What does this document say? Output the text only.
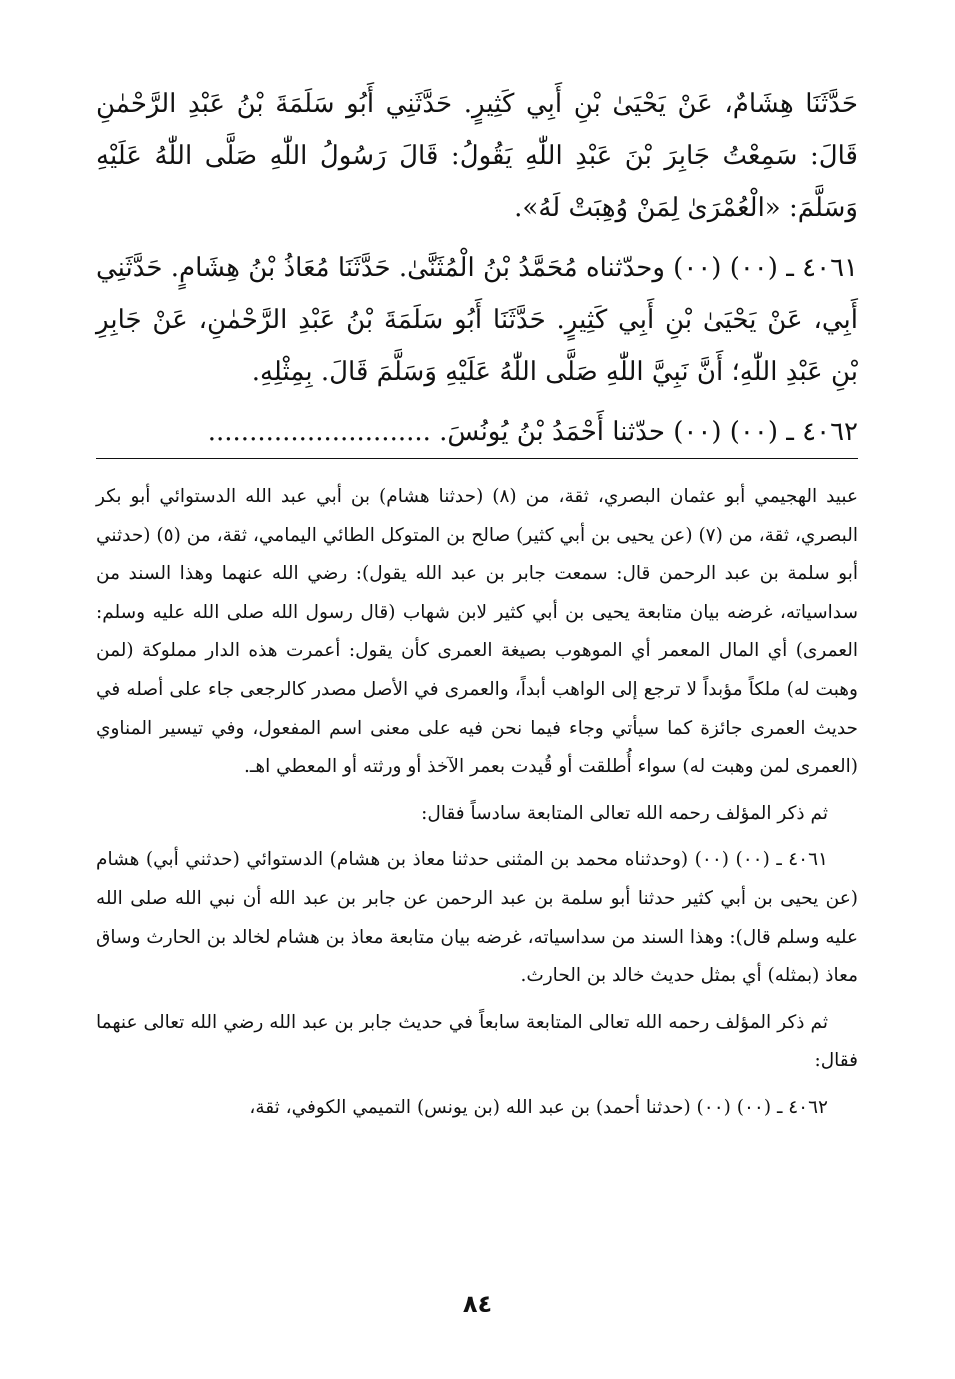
حَدَّثَنَا هِشَامٌ، عَنْ يَحْيَىٰ بْنِ أَبِي كَثِيرٍ. حَدَّثَنِي أَبُو سَلَمَةَ بْنُ عَبْدِ الرَّحْمٰنِ قَالَ: سَمِعْتُ جَابِرَ بْنَ عَبْدِ اللّٰهِ يَقُولُ: قَالَ رَسُولُ اللّٰهِ صَلَّى اللّٰهُ عَلَيْهِ وَسَلَّمَ: «الْعُمْرَىٰ لِمَنْ وُهِبَتْ لَهُ».

٤٠٦١ ـ (٠٠) (٠٠) وحدّثناه مُحَمَّدُ بْنُ الْمُثَنَّىٰ. حَدَّثَنَا مُعَاذُ بْنُ هِشَامٍ. حَدَّثَنِي أَبِي، عَنْ يَحْيَىٰ بْنِ أَبِي كَثِيرٍ. حَدَّثَنَا أَبُو سَلَمَةَ بْنُ عَبْدِ الرَّحْمٰنِ، عَنْ جَابِرِ بْنِ عَبْدِ اللّٰهِ؛ أَنَّ نَبِيَّ اللّٰهِ صَلَّى اللّٰهُ عَلَيْهِ وَسَلَّمَ قَالَ. بِمِثْلِهِ.

٤٠٦٢ ـ (٠٠) (٠٠) حدّثنا أَحْمَدُ بْنُ يُونُسَ. ...........................

عبيد الهجيمي أبو عثمان البصري، ثقة، من (٨) (حدثنا هشام) بن أبي عبد الله الدستوائي أبو بكر البصري، ثقة، من (٧) (عن يحيى بن أبي كثير) صالح بن المتوكل الطائي اليمامي، ثقة، من (٥) (حدثني أبو سلمة بن عبد الرحمن قال: سمعت جابر بن عبد الله يقول): رضي الله عنهما وهذا السند من سداسياته، غرضه بيان متابعة يحيى بن أبي كثير لابن شهاب (قال رسول الله صلى الله عليه وسلم: العمرى) أي المال المعمر أي الموهوب بصيغة العمرى كأن يقول: أعمرت هذه الدار مملوكة (لمن وهبت له) ملكاً مؤبداً لا ترجع إلى الواهب أبداً، والعمرى في الأصل مصدر كالرجعى جاء على أصله في حديث العمرى جائزة كما سيأتي وجاء فيما نحن فيه على معنى اسم المفعول، وفي تيسير المناوي (العمرى لمن وهبت له) سواء أُطلقت أو قُيدت بعمر الآخذ أو ورثته أو المعطي اهـ.

ثم ذكر المؤلف رحمه الله تعالى المتابعة سادساً فقال:

٤٠٦١ ـ (٠٠) (٠٠) (وحدثناه محمد بن المثنى حدثنا معاذ بن هشام) الدستوائي (حدثني أبي) هشام (عن يحيى بن أبي كثير حدثنا أبو سلمة بن عبد الرحمن عن جابر بن عبد الله أن نبي الله صلى الله عليه وسلم قال): وهذا السند من سداسياته، غرضه بيان متابعة معاذ بن هشام لخالد بن الحارث وساق معاذ (بمثله) أي بمثل حديث خالد بن الحارث.

ثم ذكر المؤلف رحمه الله تعالى المتابعة سابعاً في حديث جابر بن عبد الله رضي الله تعالى عنهما فقال:

٤٠٦٢ ـ (٠٠) (٠٠) (حدثنا أحمد) بن عبد الله (بن يونس) التميمي الكوفي، ثقة،

٨٤
